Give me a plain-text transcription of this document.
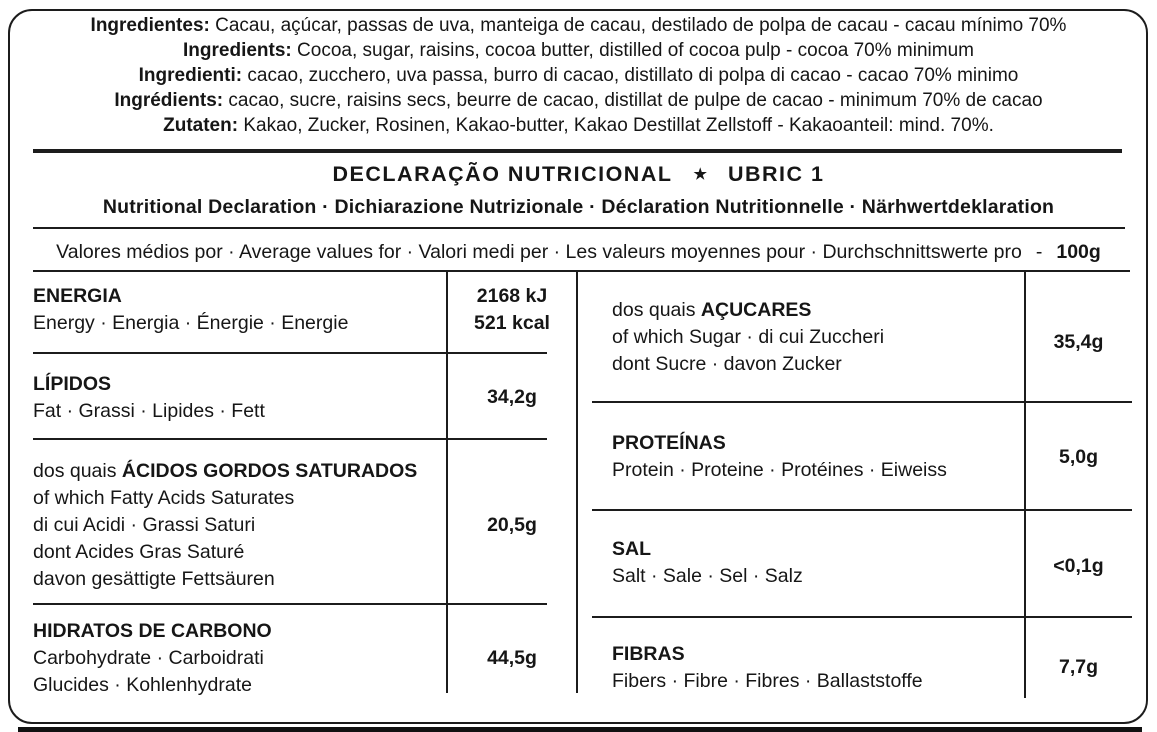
Ingredientes: Cacau, açúcar, passas de uva, manteiga de cacau, destilado de polpa de cacau - cacau mínimo 70%
Ingredients: Cocoa, sugar, raisins, cocoa butter, distilled of cocoa pulp - cocoa 70% minimum
Ingredienti: cacao, zucchero, uva passa, burro di cacao, distillato di polpa di cacao - cacao 70% minimo
Ingrédients: cacao, sucre, raisins secs, beurre de cacao, distillat de pulpe de cacao - minimum 70% de cacao
Zutaten: Kakao, Zucker, Rosinen, Kakao-butter, Kakao Destillat Zellstoff - Kakaoanteil: mind. 70%.
DECLARAÇÃO NUTRICIONAL ★ UBRIC 1
Nutritional Declaration · Dichiarazione Nutrizionale · Déclaration Nutritionnelle · Närhwertdeklaration
Valores médios por · Average values for · Valori medi per · Les valeurs moyennes pour · Durchschnittswerte pro - 100g
ENERGIA
Energy · Energia · Énergie · Energie
2168 kJ
521 kcal
LÍPIDOS
Fat · Grassi · Lipides · Fett
34,2g
dos quais ÁCIDOS GORDOS SATURADOS
of which Fatty Acids Saturates
di cui Acidi · Grassi Saturi
dont Acides Gras Saturé
davon gesättigte Fettsäuren
20,5g
HIDRATOS DE CARBONO
Carbohydrate · Carboidrati
Glucides · Kohlenhydrate
44,5g
dos quais AÇUCARES
of which Sugar · di cui Zuccheri
dont Sucre · davon Zucker
35,4g
PROTEÍNAS
Protein · Proteine · Protéines · Eiweiss
5,0g
SAL
Salt · Sale · Sel · Salz	<0,1g
FIBRAS
Fibers · Fibre · Fibres · Ballaststoffe
7,7g
